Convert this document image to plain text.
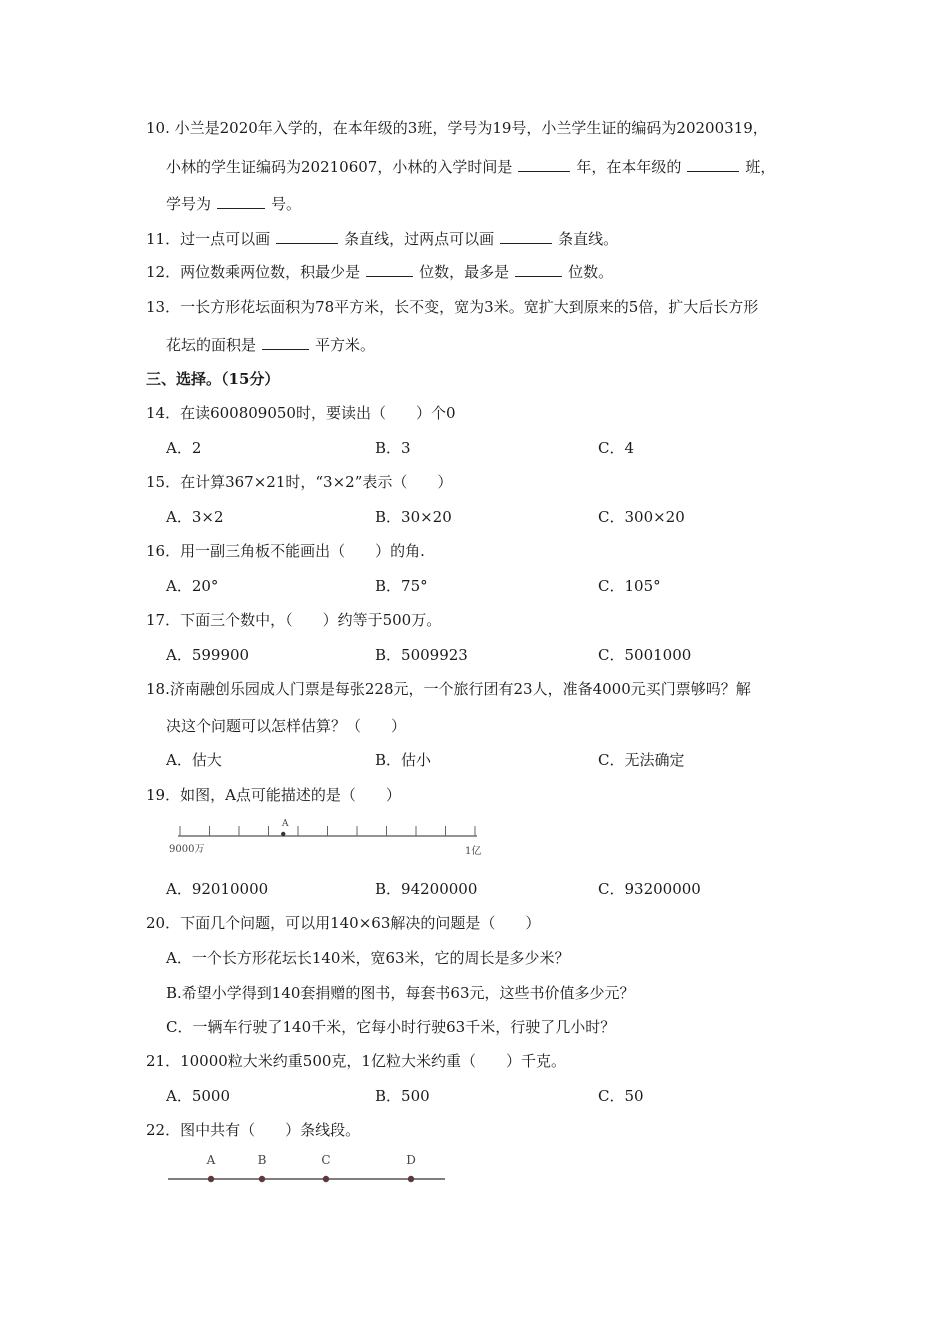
10. 小兰是2020年入学的，在本年级的3班，学号为19号，小兰学生证的编码为20200319，
小林的学生证编码为20210607，小林的入学时间是	年，在本年级的	班，
学号为	号。
11．过一点可以画	条直线，过两点可以画	条直线。
12．两位数乘两位数，积最少是	位数，最多是	位数。
13．一长方形花坛面积为78平方米，长不变，宽为3米。宽扩大到原来的5倍，扩大后长方形
花坛的面积是	平方米。
三、选择。（15分）
14．在读600809050时，要读出（　　）个0
A．2	B．3	C．4
15．在计算367×21时，“3×2”表示（　　）
A．3×2	B．30×20	C．300×20
16．用一副三角板不能画出（　　）的角.
A．20°	B．75°	C．105°
17．下面三个数中，（　　）约等于500万。
A．599900	B．5009923	C．5001000
18.济南融创乐园成人门票是每张228元，一个旅行团有23人，准备4000元买门票够吗？解
决这个问题可以怎样估算？（　　）
A．估大	B．估小	C．无法确定
19．如图，A点可能描述的是（　　）
A
9000万	1亿
A．92010000	B．94200000	C．93200000
20．下面几个问题，可以用140×63解决的问题是（　　）
A．一个长方形花坛长140米，宽63米，它的周长是多少米？
B.希望小学得到140套捐赠的图书，每套书63元，这些书价值多少元？
C．一辆车行驶了140千米，它每小时行驶63千米，行驶了几小时？
21．10000粒大米约重500克，1亿粒大米约重（　　）千克。
A．5000	B．500	C．50
22．图中共有（　　）条线段。
A	B	C	D
